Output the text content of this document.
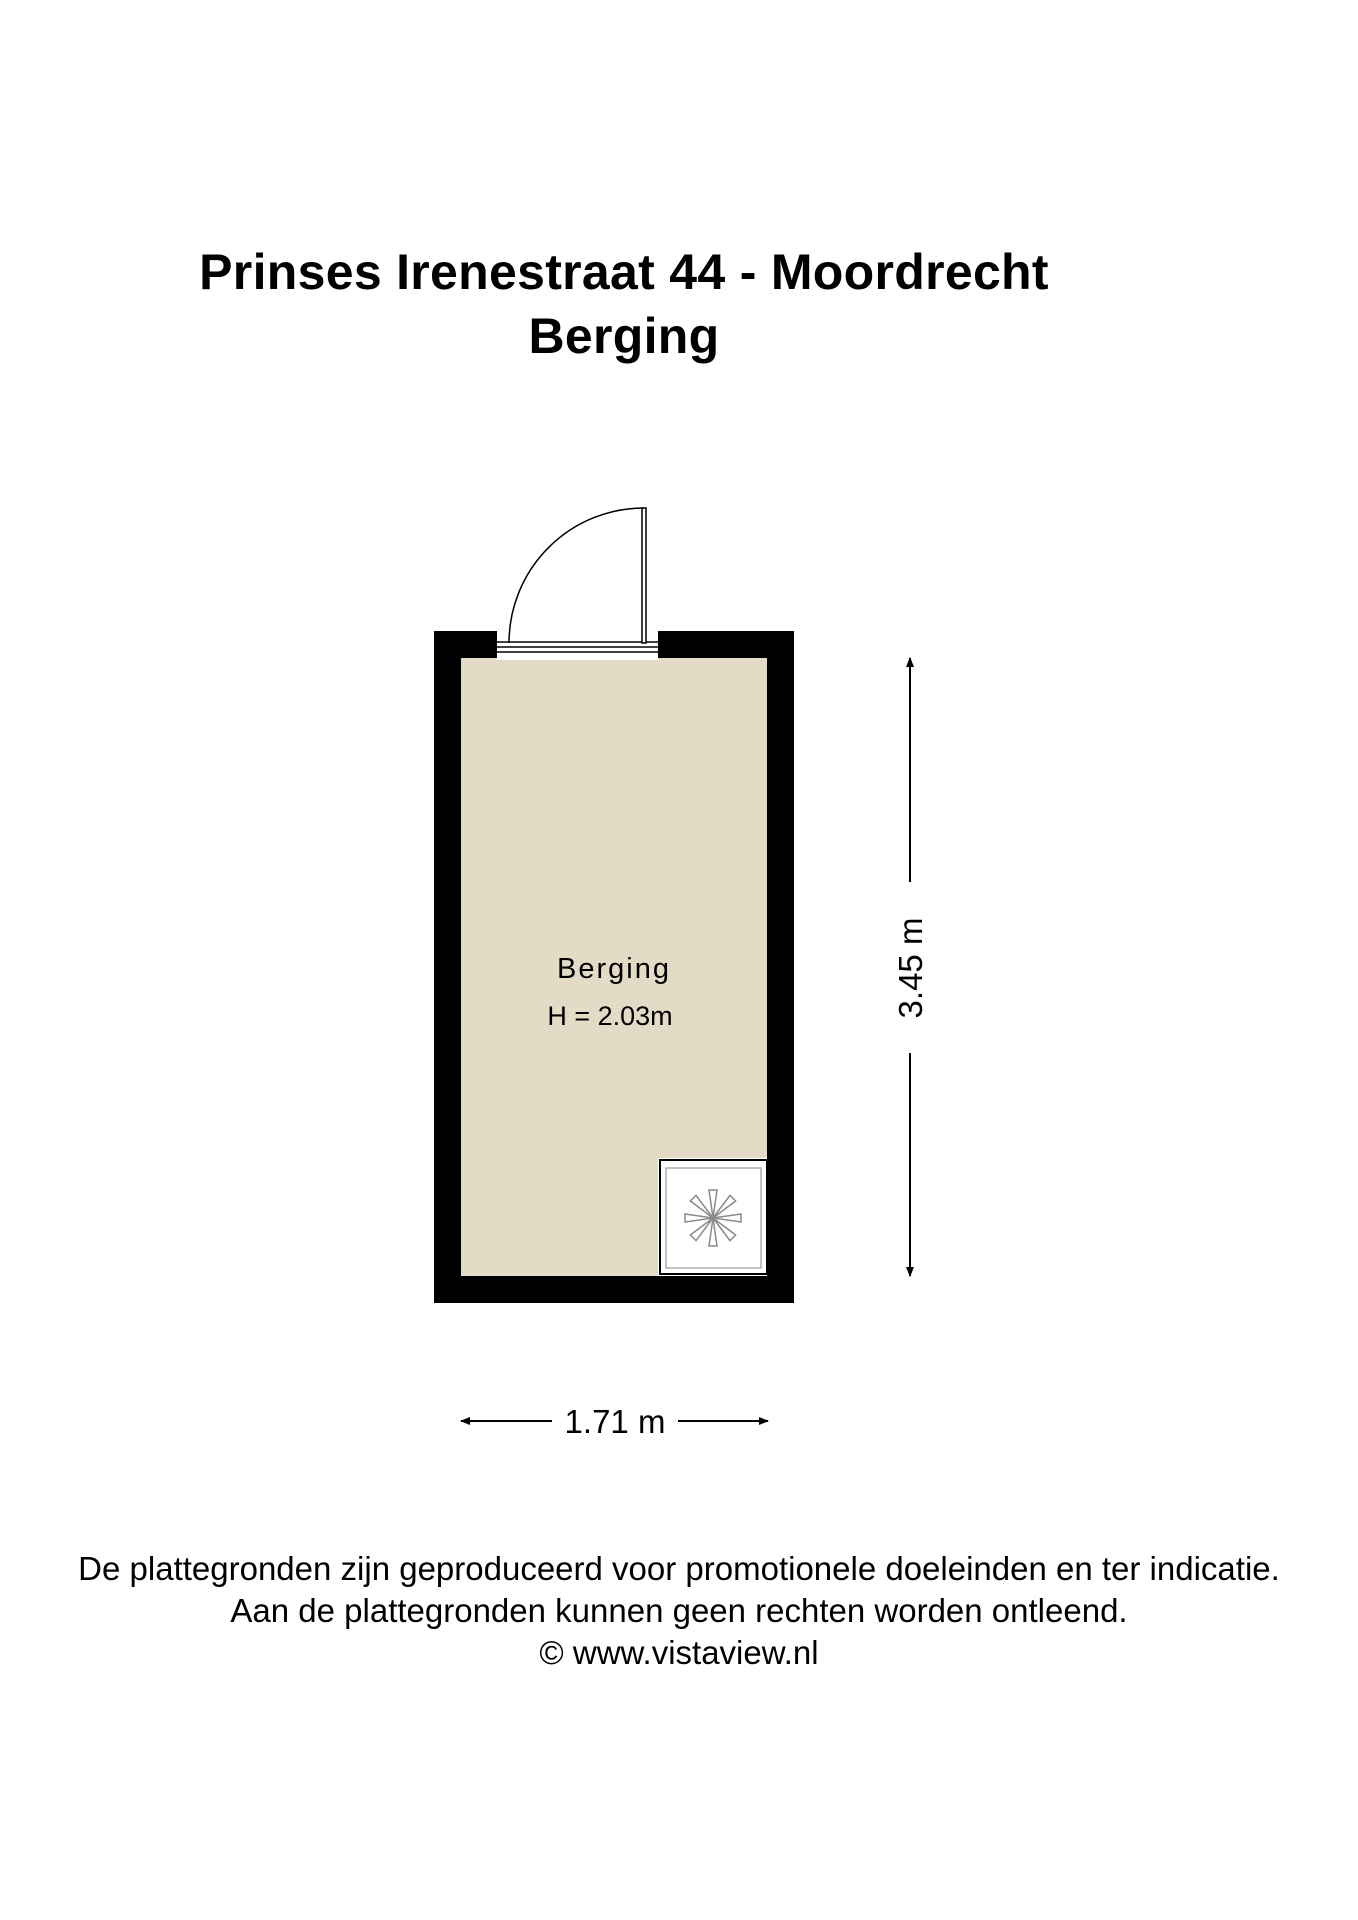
Prinses Irenestraat 44 - Moordrecht
Berging
Berging
H = 2.03m	3.45 m
1.71 m
De plattegronden zijn geproduceerd voor promotionele doeleinden en ter indicatie.
Aan de plattegronden kunnen geen rechten worden ontleend.
© www.vistaview.nl
